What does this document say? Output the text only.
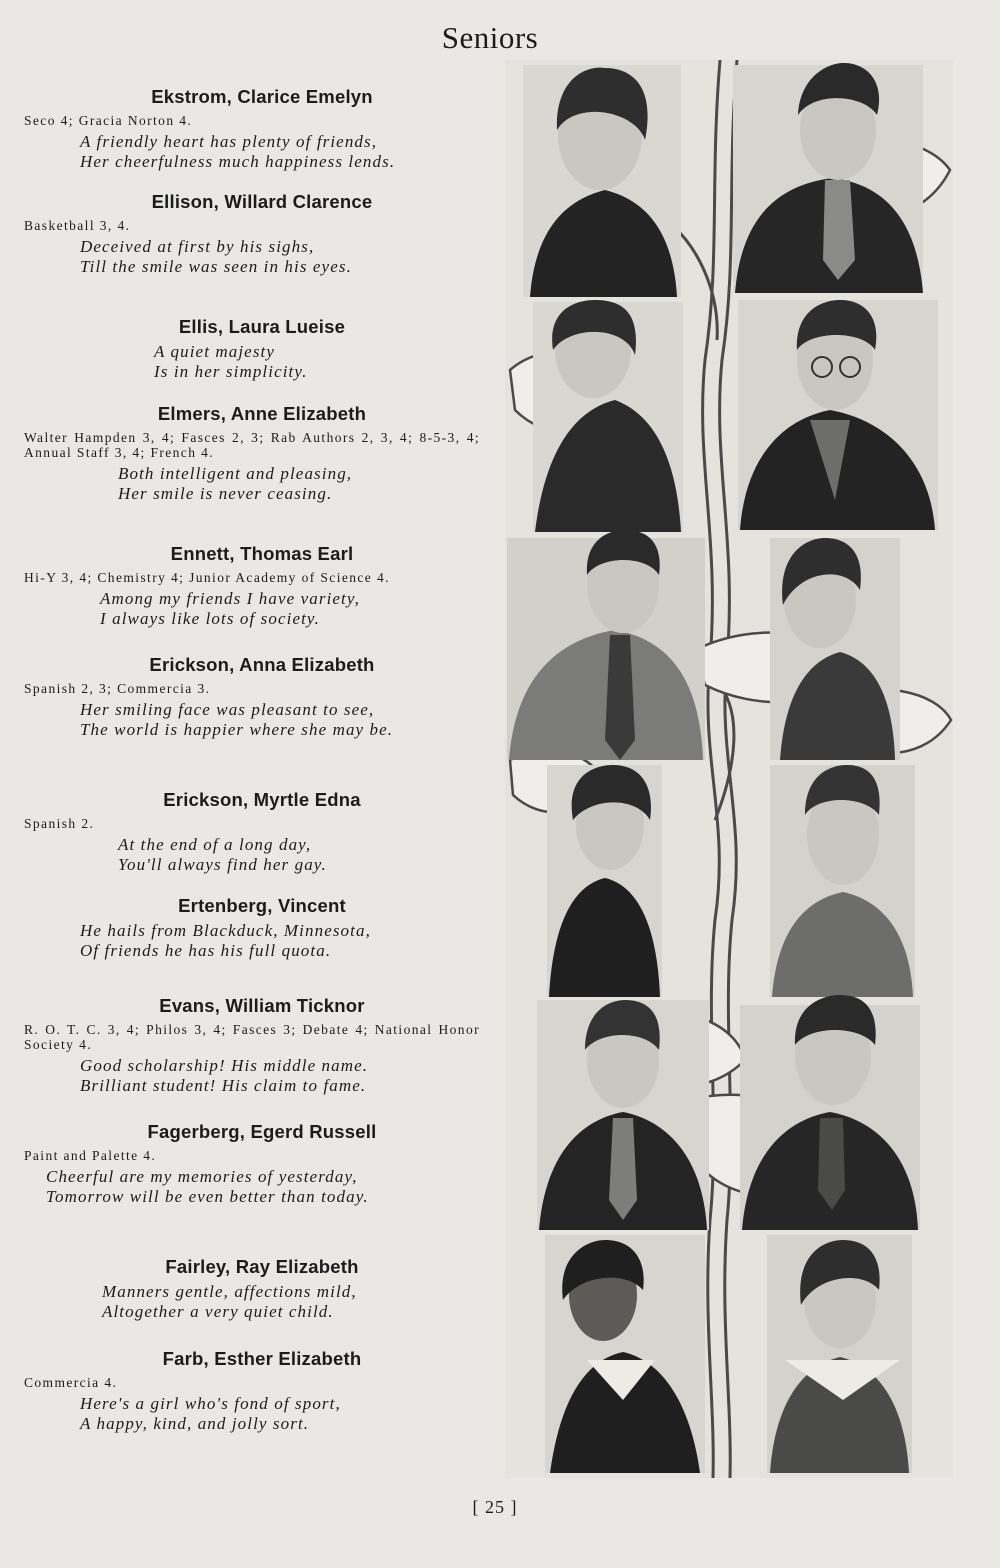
Seniors
Ekstrom, Clarice Emelyn
Seco 4; Gracia Norton 4.
A friendly heart has plenty of friends,
Her cheerfulness much happiness lends.
Ellison, Willard Clarence
Basketball 3, 4.
Deceived at first by his sighs,
Till the smile was seen in his eyes.
Ellis, Laura Lueise
A quiet majesty
Is in her simplicity.
Elmers, Anne Elizabeth
Walter Hampden 3, 4; Fasces 2, 3; Rab Authors 2, 3, 4; 8-5-3, 4; Annual Staff 3, 4; French 4.
Both intelligent and pleasing,
Her smile is never ceasing.
Ennett, Thomas Earl
Hi-Y 3, 4; Chemistry 4; Junior Academy of Science 4.
Among my friends I have variety,
I always like lots of society.
Erickson, Anna Elizabeth
Spanish 2, 3; Commercia 3.
Her smiling face was pleasant to see,
The world is happier where she may be.
Erickson, Myrtle Edna
Spanish 2.
At the end of a long day,
You'll always find her gay.
Ertenberg, Vincent
He hails from Blackduck, Minnesota,
Of friends he has his full quota.
Evans, William Ticknor
R. O. T. C. 3, 4; Philos 3, 4; Fasces 3; Debate 4; National Honor Society 4.
Good scholarship! His middle name.
Brilliant student! His claim to fame.
Fagerberg, Egerd Russell
Paint and Palette 4.
Cheerful are my memories of yesterday,
Tomorrow will be even better than today.
Fairley, Ray Elizabeth
Manners gentle, affections mild,
Altogether a very quiet child.
Farb, Esther Elizabeth
Commercia 4.
Here's a girl who's fond of sport,
A happy, kind, and jolly sort.
[ 25 ]
